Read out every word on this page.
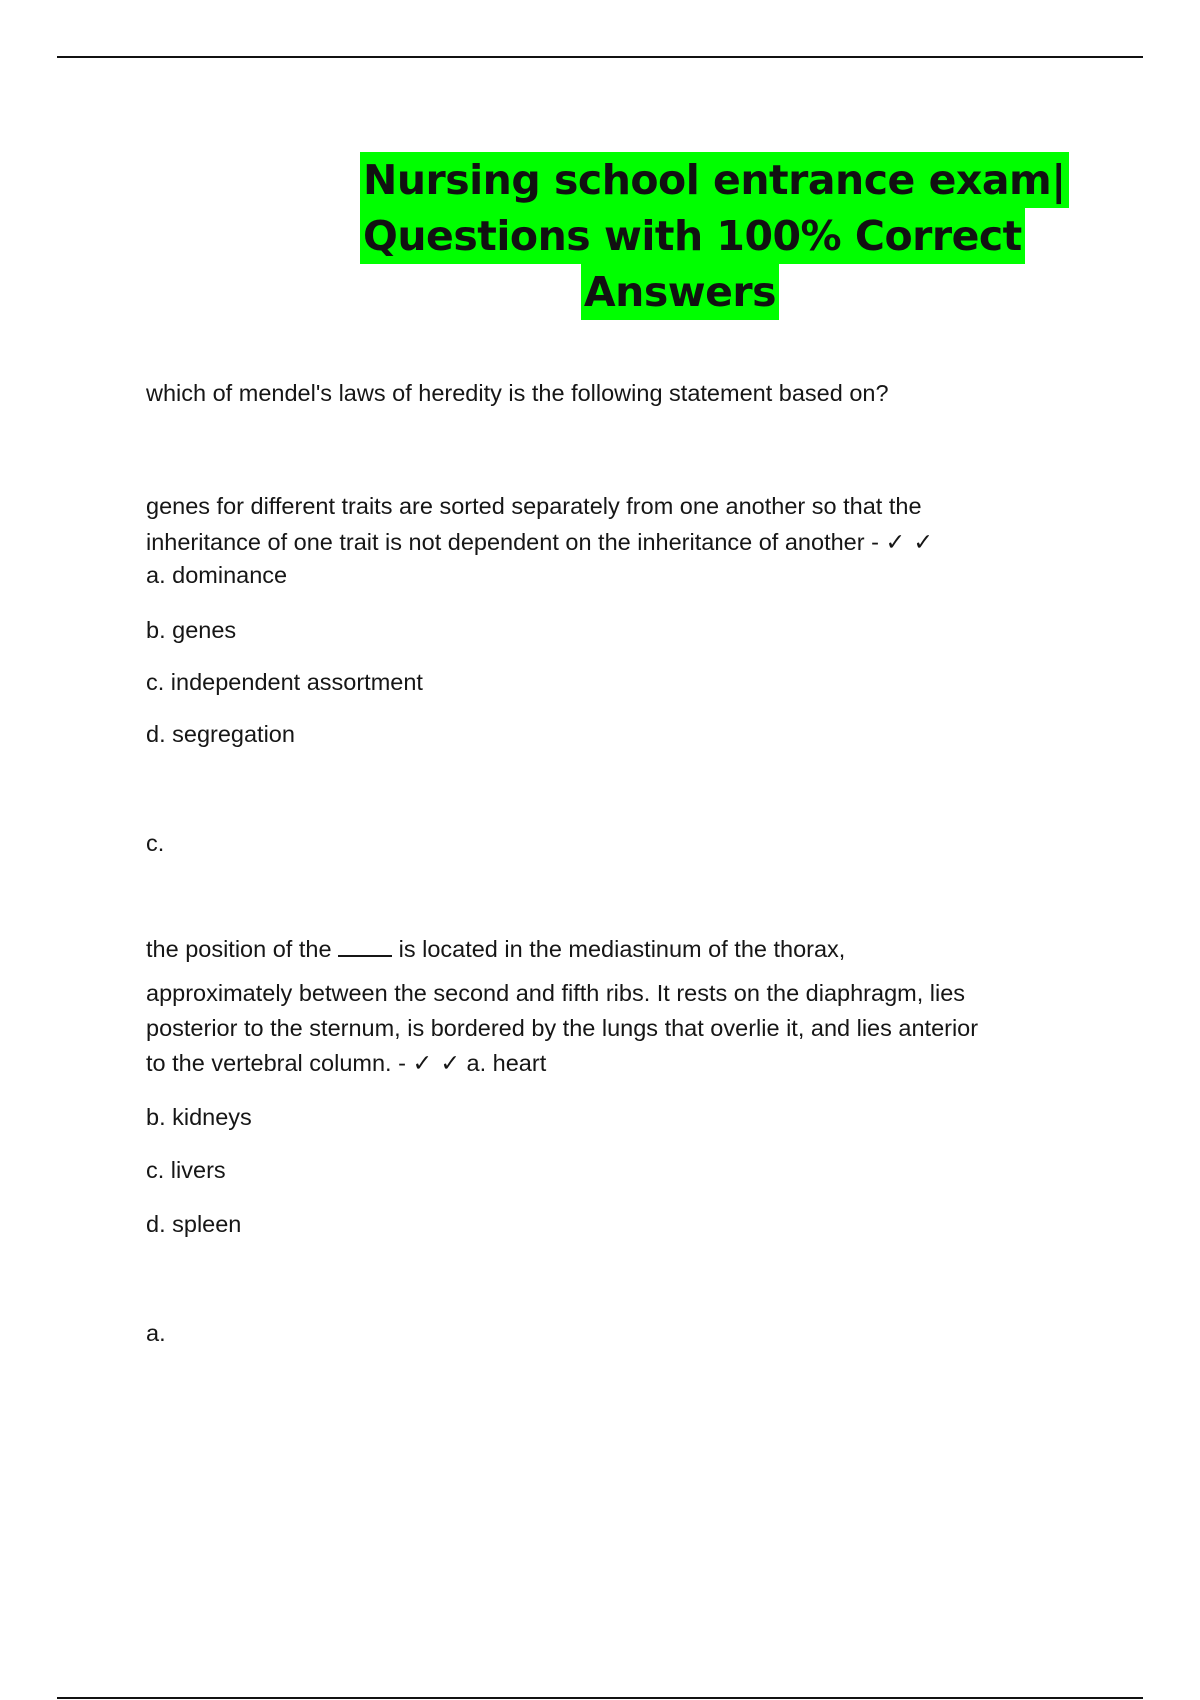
Nursing school entrance exam|
Questions with 100% Correct
Answers

which of mendel's laws of heredity is the following statement based on?

genes for different traits are sorted separately from one another so that the

inheritance of one trait is not dependent on the inheritance of another - ✓ ✓

a. dominance

b. genes

c. independent assortment

d. segregation

c.

the position of the  is located in the mediastinum of the thorax,

approximately between the second and fifth ribs. It rests on the diaphragm, lies

posterior to the sternum, is bordered by the lungs that overlie it, and lies anterior

to the vertebral column. - ✓ ✓ a. heart

b. kidneys

c. livers

d. spleen

a.
